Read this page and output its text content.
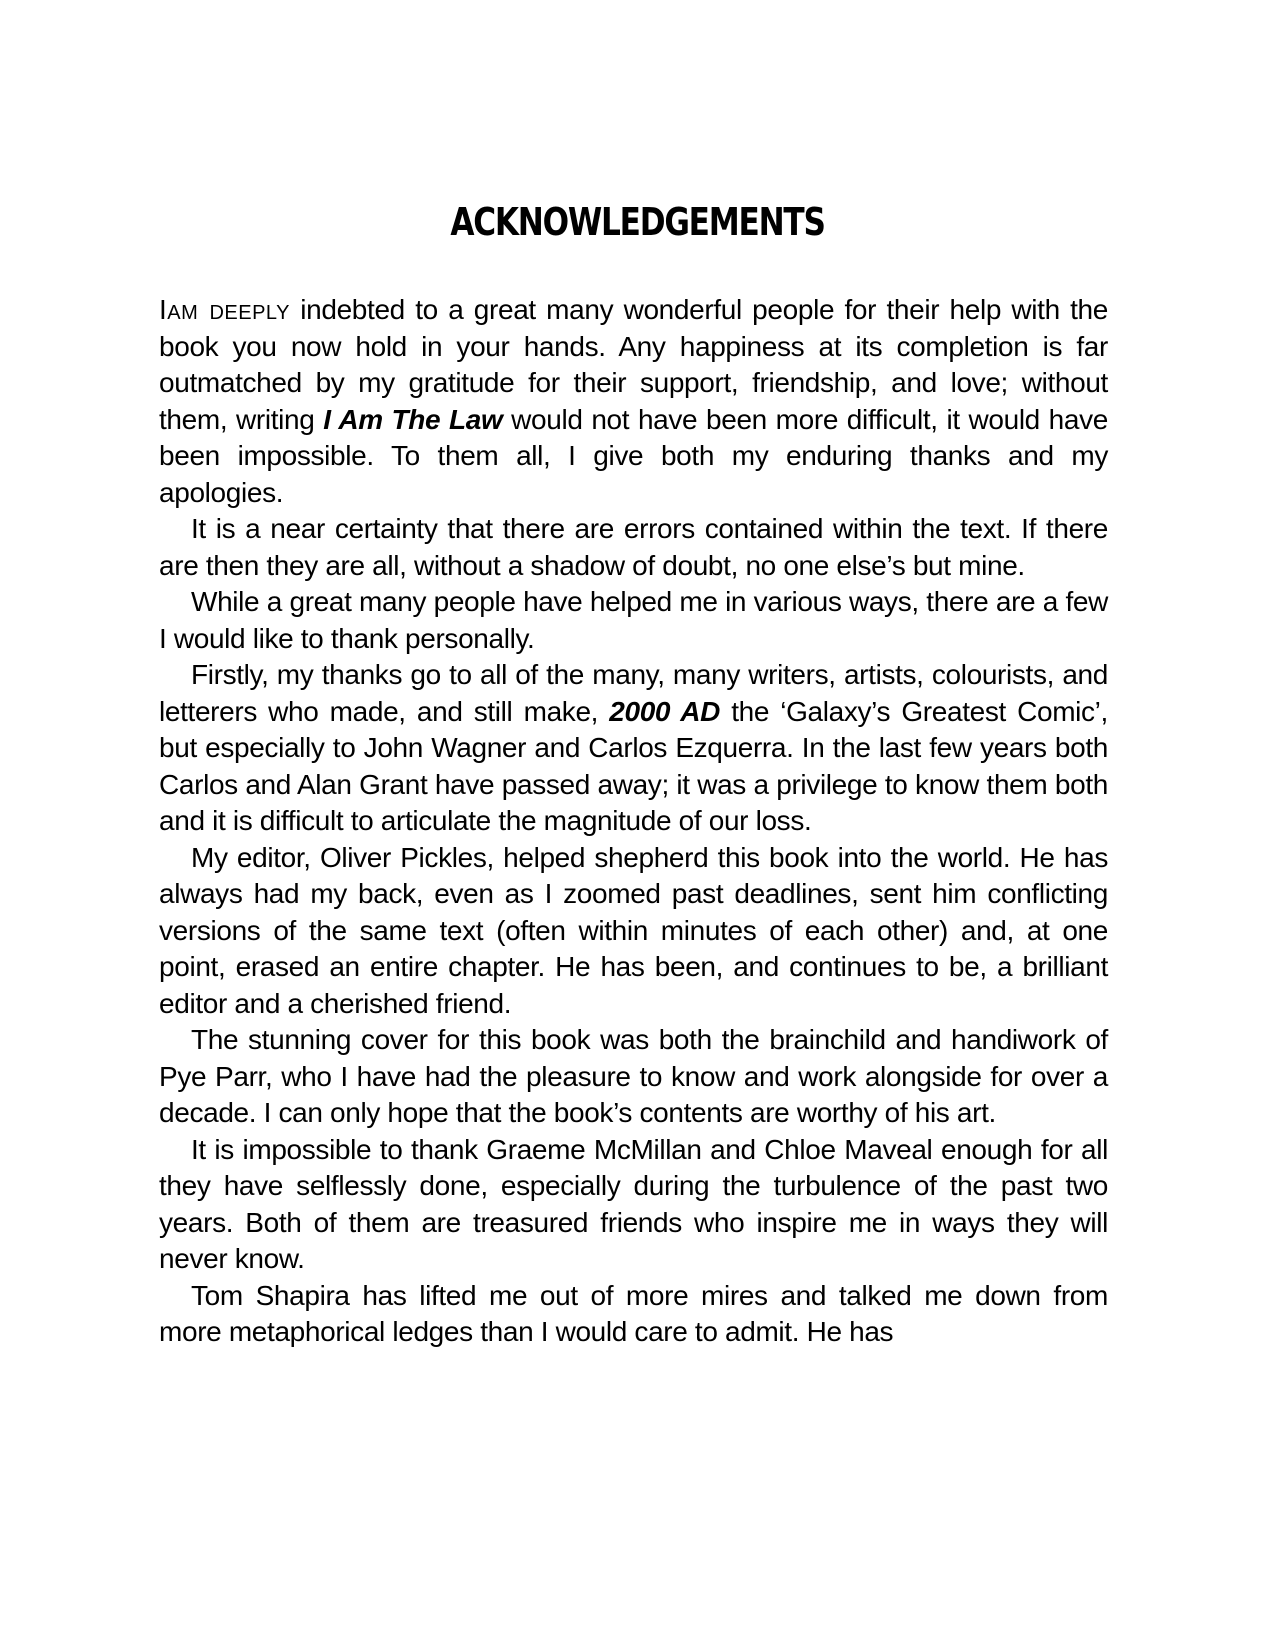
ACKNOWLEDGEMENTS

Iam deeply indebted to a great many wonderful people for their help with the book you now hold in your hands. Any happiness at its completion is far outmatched by my gratitude for their support, friendship, and love; without them, writing I Am The Law would not have been more difficult, it would have been impossible. To them all, I give both my enduring thanks and my apologies.

It is a near certainty that there are errors contained within the text. If there are then they are all, without a shadow of doubt, no one else’s but mine.

While a great many people have helped me in various ways, there are a few I would like to thank personally.

Firstly, my thanks go to all of the many, many writers, artists, colourists, and letterers who made, and still make, 2000 AD the ‘Galaxy’s Greatest Comic’, but especially to John Wagner and Carlos Ezquerra. In the last few years both Carlos and Alan Grant have passed away; it was a privilege to know them both and it is difficult to articulate the magnitude of our loss.

My editor, Oliver Pickles, helped shepherd this book into the world. He has always had my back, even as I zoomed past deadlines, sent him conflicting versions of the same text (often within minutes of each other) and, at one point, erased an entire chapter. He has been, and continues to be, a brilliant editor and a cherished friend.

The stunning cover for this book was both the brainchild and handiwork of Pye Parr, who I have had the pleasure to know and work alongside for over a decade. I can only hope that the book’s contents are worthy of his art.

It is impossible to thank Graeme McMillan and Chloe Maveal enough for all they have selflessly done, especially during the turbulence of the past two years. Both of them are treasured friends who inspire me in ways they will never know.

Tom Shapira has lifted me out of more mires and talked me down from more metaphorical ledges than I would care to admit. He has
